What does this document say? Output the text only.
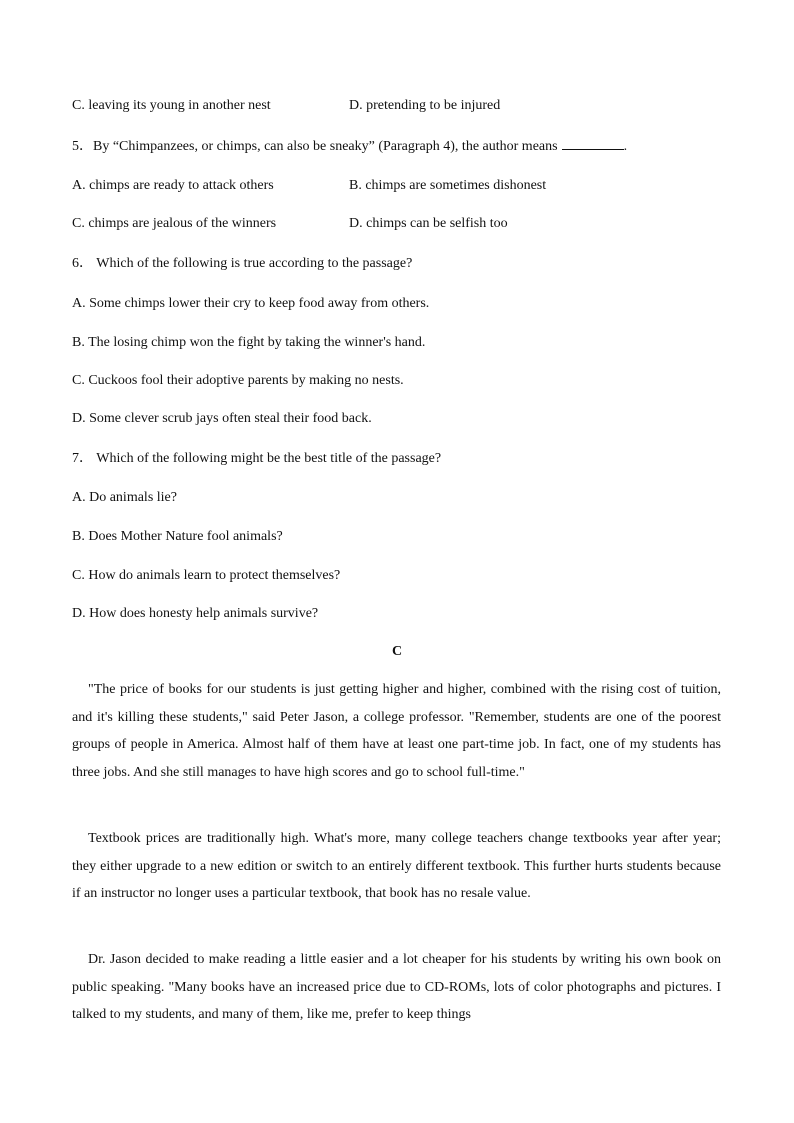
C. leaving its young in another nest	D. pretending to be injured
5．By “Chimpanzees, or chimps, can also be sneaky” (Paragraph 4), the author means	.
A. chimps are ready to attack others	B. chimps are sometimes dishonest
C. chimps are jealous of the winners	D. chimps can be selfish too
6． Which of the following is true according to the passage?
A. Some chimps lower their cry to keep food away from others.
B. The losing chimp won the fight by taking the winner's hand.
C. Cuckoos fool their adoptive parents by making no nests.
D. Some clever scrub jays often steal their food back.
7． Which of the following might be the best title of the passage?
A. Do animals lie?
B. Does Mother Nature fool animals?
C. How do animals learn to protect themselves?
D. How does honesty help animals survive?
C
"The price of books for our students is just getting higher and higher, combined with the rising cost of tuition, and it's killing these students," said Peter Jason, a college professor. "Remember, students are one of the poorest groups of people in America. Almost half of them have at least one part-time job. In fact, one of my students has three jobs. And she still manages to have high scores and go to school full-time."
Textbook prices are traditionally high. What's more, many college teachers change textbooks year after year; they either upgrade to a new edition or switch to an entirely different textbook. This further hurts students because if an instructor no longer uses a particular textbook, that book has no resale value.
Dr. Jason decided to make reading a little easier and a lot cheaper for his students by writing his own book on public speaking. "Many books have an increased price due to CD-ROMs, lots of color photographs and pictures. I talked to my students, and many of them, like me, prefer to keep things
